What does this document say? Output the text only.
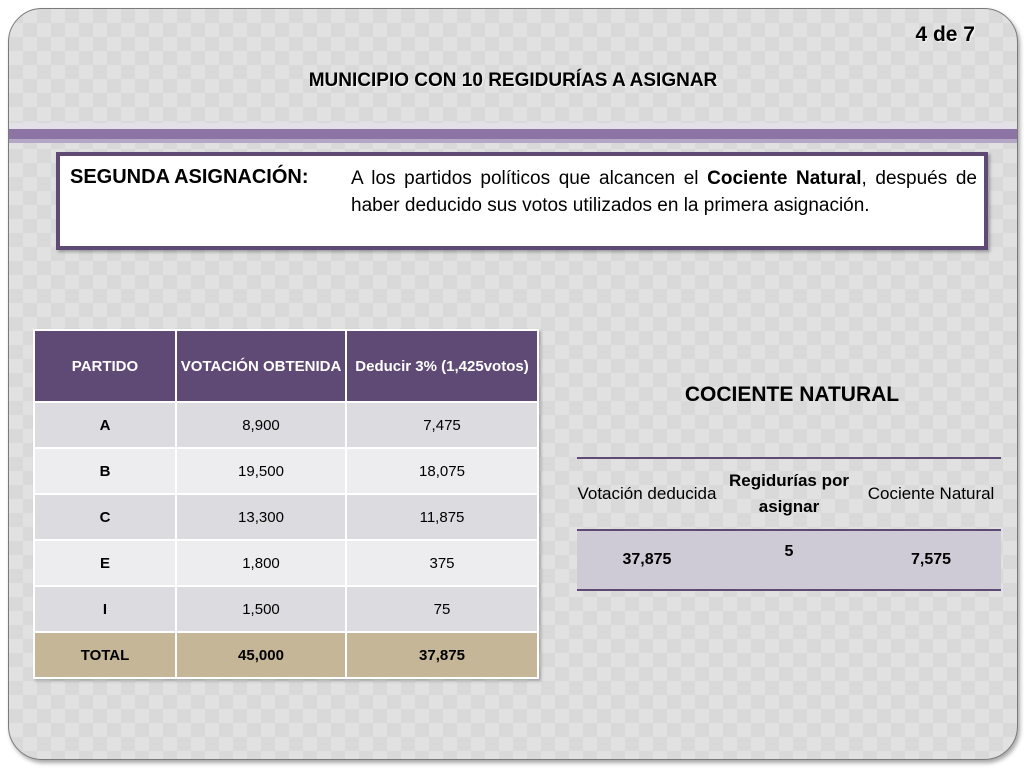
4 de 7
MUNICIPIO CON 10 REGIDURÍAS A ASIGNAR
SEGUNDA ASIGNACIÓN: A los partidos políticos que alcancen el Cociente Natural, después de haber deducido sus votos utilizados en la primera asignación.
PARTIDO	VOTACIÓN OBTENIDA	Deducir 3% (1,425votos)
A	8,900	7,475
B	19,500	18,075
C	13,300	11,875
E	1,800	375
I	1,500	75
TOTAL	45,000	37,875
COCIENTE NATURAL
Votación deducida	Regidurías por asignar	Cociente Natural
37,875	5	7,575
